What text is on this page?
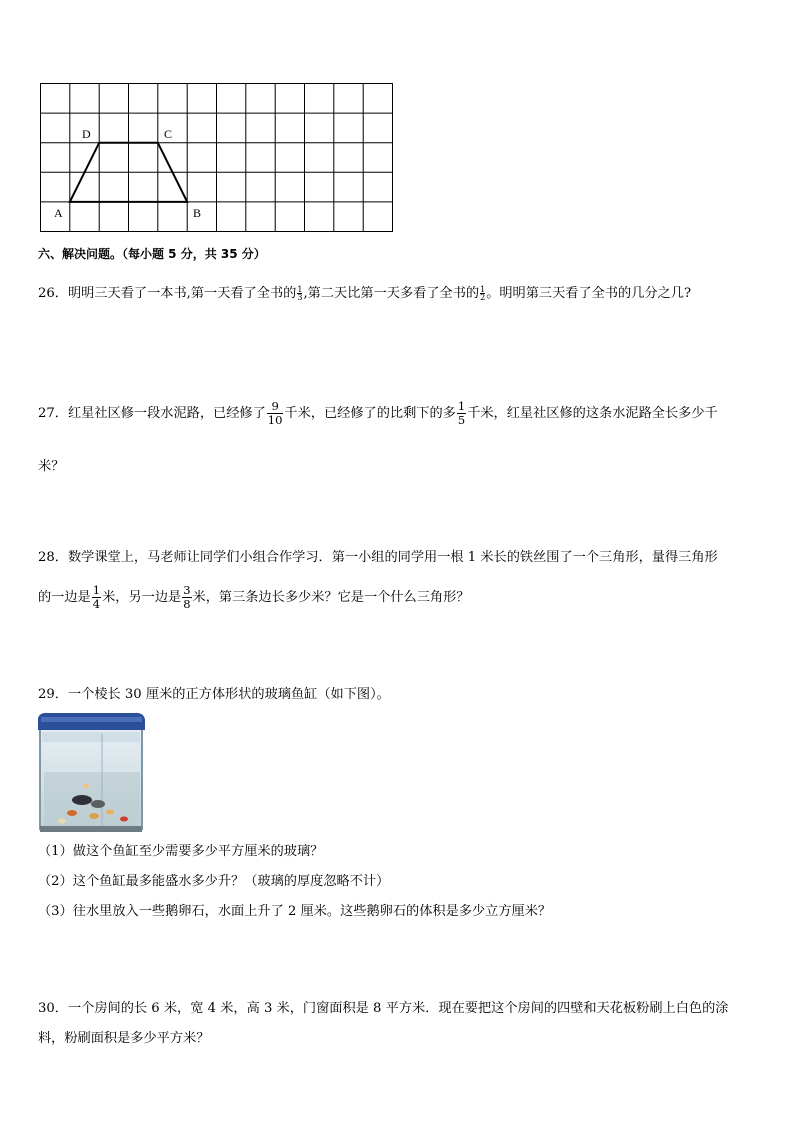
A	B
C
D
六、解决问题。（每小题 5 分，共 35 分）
26．明明三天看了一本书,第一天看了全书的 $\frac{1}{3}$ ,第二天比第一天多看了全书的 $\frac{1}{2}$ 。明明第三天看了全书的几分之几?
27．红星社区修一段水泥路，已经修了 $\frac{9}{10}$ 千米，已经修了的比剩下的多 $\frac{1}{5}$ 千米，红星社区修的这条水泥路全长多少千
米？
28．数学课堂上，马老师让同学们小组合作学习．第一小组的同学用一根 1 米长的铁丝围了一个三角形，量得三角形
的一边是 $\frac{1}{4}$ 米，另一边是 $\frac{3}{8}$ 米，第三条边长多少米？它是一个什么三角形？
29．一个棱长 30 厘米的正方体形状的玻璃鱼缸（如下图）。
（1）做这个鱼缸至少需要多少平方厘米的玻璃？
（2）这个鱼缸最多能盛水多少升？（玻璃的厚度忽略不计）
（3）往水里放入一些鹅卵石，水面上升了 2 厘米。这些鹅卵石的体积是多少立方厘米？
30．一个房间的长 6 米，宽 4 米，高 3 米，门窗面积是 8 平方米．现在要把这个房间的四壁和天花板粉刷上白色的涂
料，粉刷面积是多少平方米？
